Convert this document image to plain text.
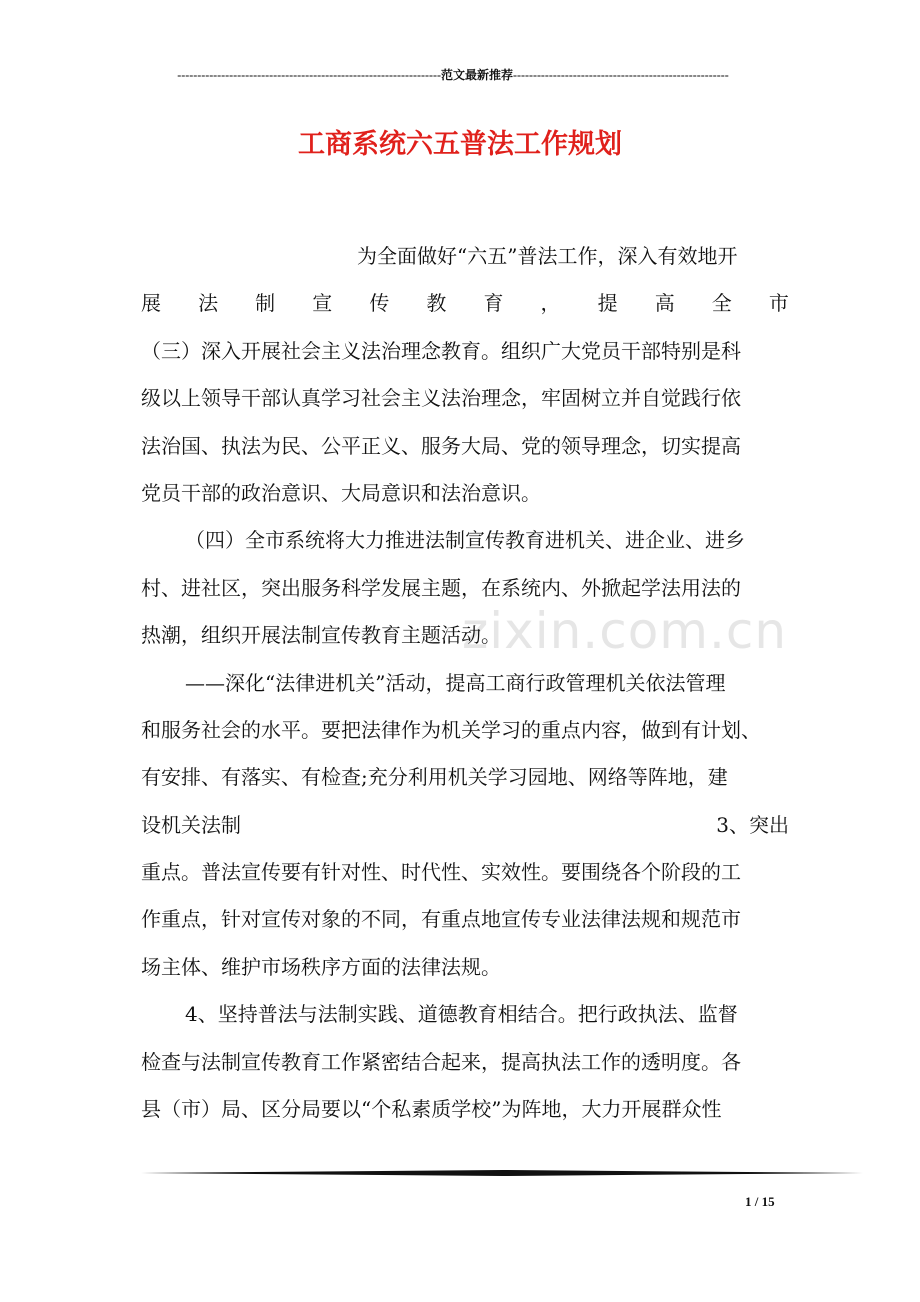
------------------------------------------------------------------范文最新推荐------------------------------------------------------
工商系统六五普法工作规划
zixin.com.cn
为全面做好“六五”普法工作，深入有效地开
展 法 制 宣 传 教 育 ， 提 高 全 市
（三）深入开展社会主义法治理念教育。组织广大党员干部特别是科
级以上领导干部认真学习社会主义法治理念，牢固树立并自觉践行依
法治国、执法为民、公平正义、服务大局、党的领导理念，切实提高
党员干部的政治意识、大局意识和法治意识。
（四）全市系统将大力推进法制宣传教育进机关、进企业、进乡
村、进社区，突出服务科学发展主题，在系统内、外掀起学法用法的
热潮，组织开展法制宣传教育主题活动。
——深化“法律进机关”活动，提高工商行政管理机关依法管理
和服务社会的水平。要把法律作为机关学习的重点内容，做到有计划、
有安排、有落实、有检查;充分利用机关学习园地、网络等阵地，建
设机关法制	3、突出
重点。普法宣传要有针对性、时代性、实效性。要围绕各个阶段的工
作重点，针对宣传对象的不同，有重点地宣传专业法律法规和规范市
场主体、维护市场秩序方面的法律法规。
4、坚持普法与法制实践、道德教育相结合。把行政执法、监督
检查与法制宣传教育工作紧密结合起来，提高执法工作的透明度。各
县（市）局、区分局要以“个私素质学校”为阵地，大力开展群众性
1 / 15
